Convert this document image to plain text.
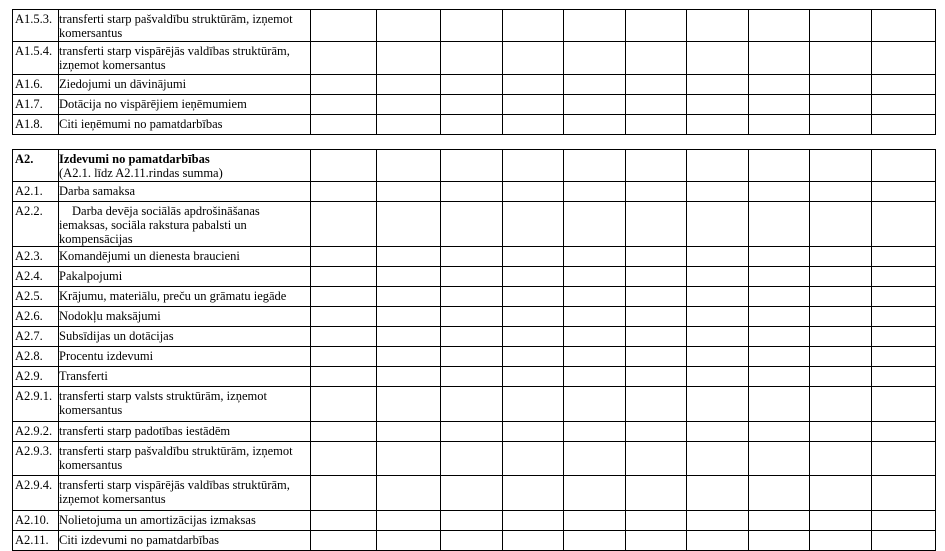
A1.5.3.	transferti starp pašvaldību struktūrām, izņemot komersantus										
A1.5.4.	transferti starp vispārējās valdības struktūrām, izņemot komersantus										
A1.6.	Ziedojumi un dāvinājumi										
A1.7.	Dotācija no vispārējiem ieņēmumiem										
A1.8.	Citi ieņēmumi no pamatdarbības										
A2.	Izdevumi no pamatdarbības
(A2.1. līdz A2.11.rindas summa)										
A2.1.	Darba samaksa										
A2.2.	Darba devēja sociālās apdrošināšanas iemaksas, sociāla rakstura pabalsti un kompensācijas										
A2.3.	Komandējumi un dienesta braucieni										
A2.4.	Pakalpojumi										
A2.5.	Krājumu, materiālu, preču un grāmatu iegāde										
A2.6.	Nodokļu maksājumi										
A2.7.	Subsīdijas un dotācijas										
A2.8.	Procentu izdevumi										
A2.9.	Transferti										
A2.9.1.	transferti starp valsts struktūrām, izņemot komersantus										
A2.9.2.	transferti starp padotības iestādēm										
A2.9.3.	transferti starp pašvaldību struktūrām, izņemot komersantus										
A2.9.4.	transferti starp vispārējās valdības struktūrām, izņemot komersantus										
A2.10.	Nolietojuma un amortizācijas izmaksas										
A2.11.	Citi izdevumi no pamatdarbības										
